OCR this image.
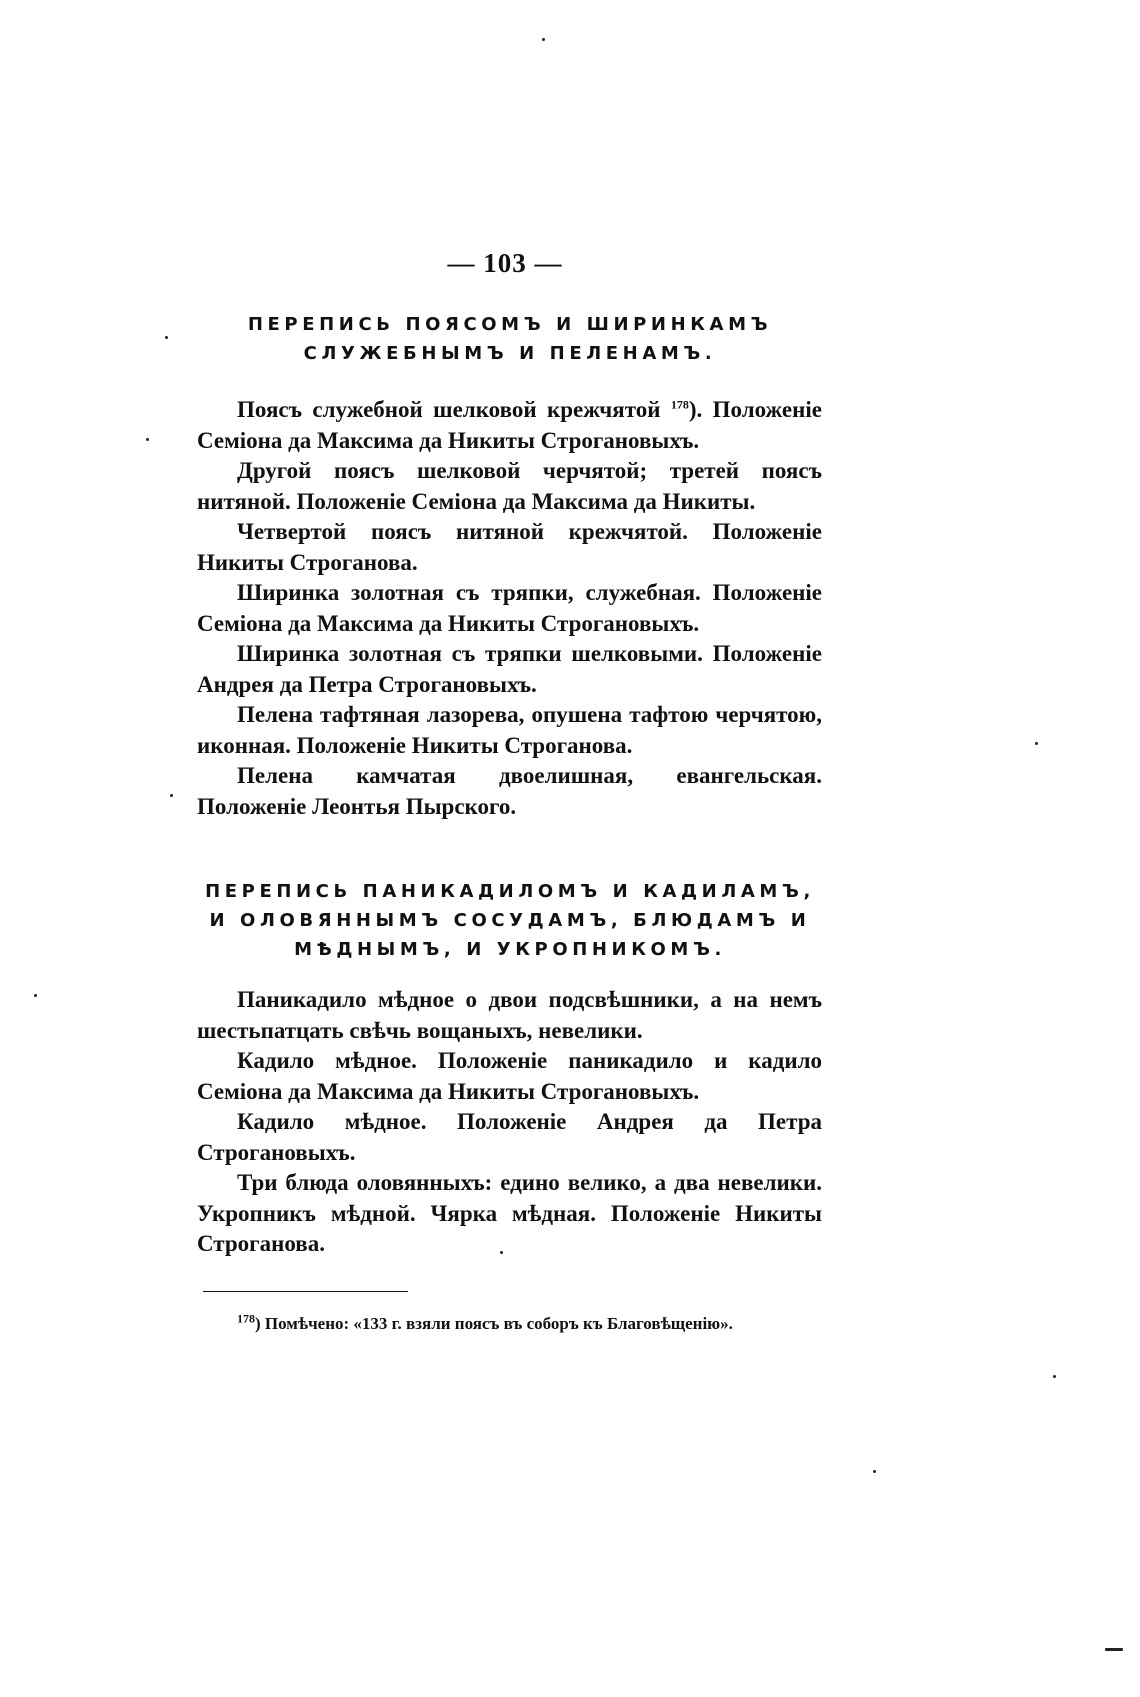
— 103 —
ПЕРЕПИСЬ ПОЯСОМЪ И ШИРИНКАМЪ СЛУЖЕБНЫМЪ И ПЕЛЕНАМЪ.

Поясъ служебной шелковой крежчятой $^{178}$). Положенie Семiона да Максима да Никиты Строгановыхъ.

Другой поясъ шелковой черчятой; третей поясъ нитяной. Положенie Семiона да Максима да Никиты.

Четвертой поясъ нитяной крежчятой. Положенie Никиты Строганова.

Ширинка золотная съ тряпки, служебная. Положенie Семiона да Максима да Никиты Строгановыхъ.

Ширинка золотная съ тряпки шелковыми. Положенie Андрея да Петра Строгановыхъ.

Пелена тафтяная лазорева, опушена тафтою черчятою, иконная. Положенie Никиты Строганова.

Пелена камчатая двоелишная, евангельская. Положенie Леонтья Пырского.

ПЕРЕПИСЬ ПАНИКАДИЛОМЪ И КАДИЛАМЪ, И ОЛОВЯННЫМЪ СОСУДАМЪ, БЛЮДАМЪ И МѢДНЫМЪ, И УКРОПНИКОМЪ.

Паникадило мѣдное о двои подсвѣшники, а на немъ шестьпатцать свѣчь вощаныхъ, невелики.

Кадило мѣдное. Положенie паникадило и кадило Семiона да Максима да Никиты Строгановыхъ.

Кадило мѣдное. Положенie Андрея да Петра Строгановыхъ.

Три блюда оловянныхъ: едино велико, а два невелики. Укропникъ мѣдной. Чярка мѣдная. Положенie Никиты Строганова.

$^{178}$) Помѣчено: «133 г. взяли поясъ въ соборъ къ Благовѣщенiю».
